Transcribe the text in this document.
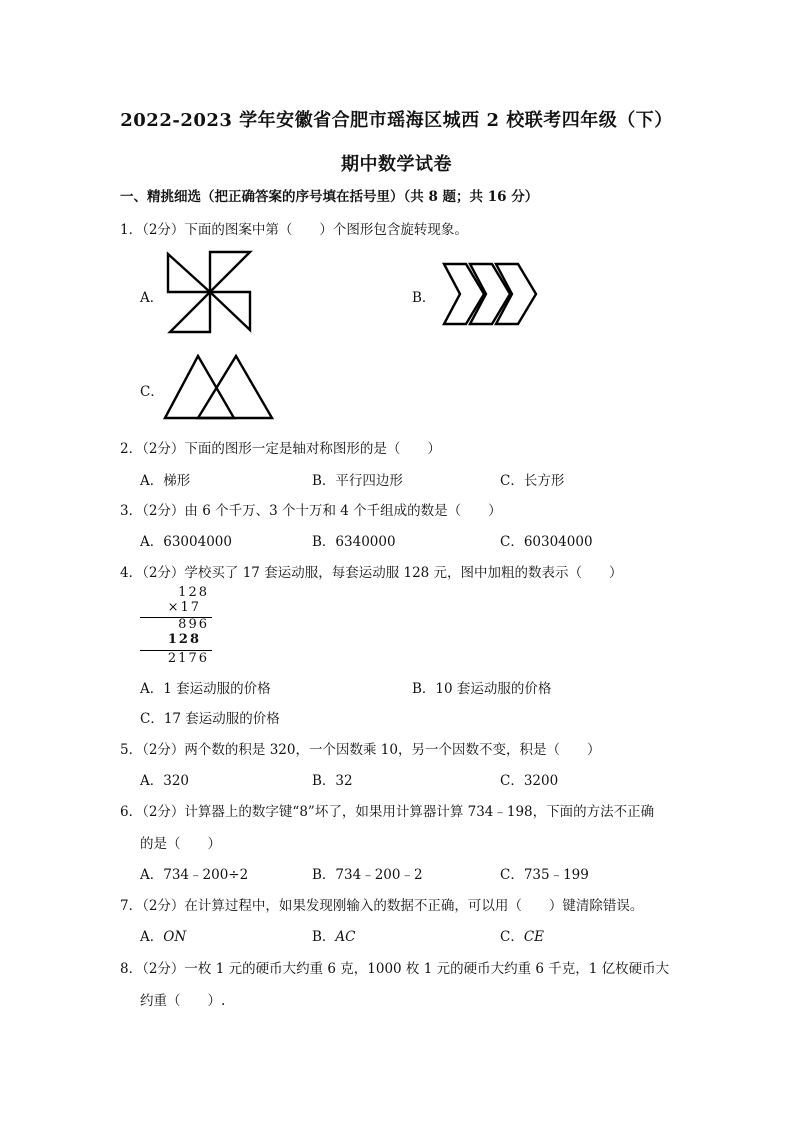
2022-2023 学年安徽省合肥市瑶海区城西 2 校联考四年级（下）
期中数学试卷
一、精挑细选（把正确答案的序号填在括号里）（共 8 题；共 16 分）
1．（2分）下面的图案中第（　　）个图形包含旋转现象。
A．	B．
C．
2．（2分）下面的图形一定是轴对称图形的是（　　）
A．梯形	B．平行四边形	C．长方形
3．（2分）由 6 个千万、3 个十万和 4 个千组成的数是（　　）
A．63004000	B．6340000	C．60304000
4．（2分）学校买了 17 套运动服，每套运动服 128 元，图中加粗的数表示（　　）
128
×17
896
128
2176
A．1 套运动服的价格	B．10 套运动服的价格
C．17 套运动服的价格
5．（2分）两个数的积是 320，一个因数乘 10，另一个因数不变，积是（　　）
A．320	B．32	C．3200
6．（2分）计算器上的数字键“8”坏了，如果用计算器计算 734﹣198，下面的方法不正确
的是（　　）
A．734﹣200÷2	B．734﹣200﹣2	C．735﹣199
7．（2分）在计算过程中，如果发现刚输入的数据不正确，可以用（　　）键清除错误。
A．ON	B．AC	C．CE
8．（2分）一枚 1 元的硬币大约重 6 克，1000 枚 1 元的硬币大约重 6 千克，1 亿枚硬币大
约重（　　）.
